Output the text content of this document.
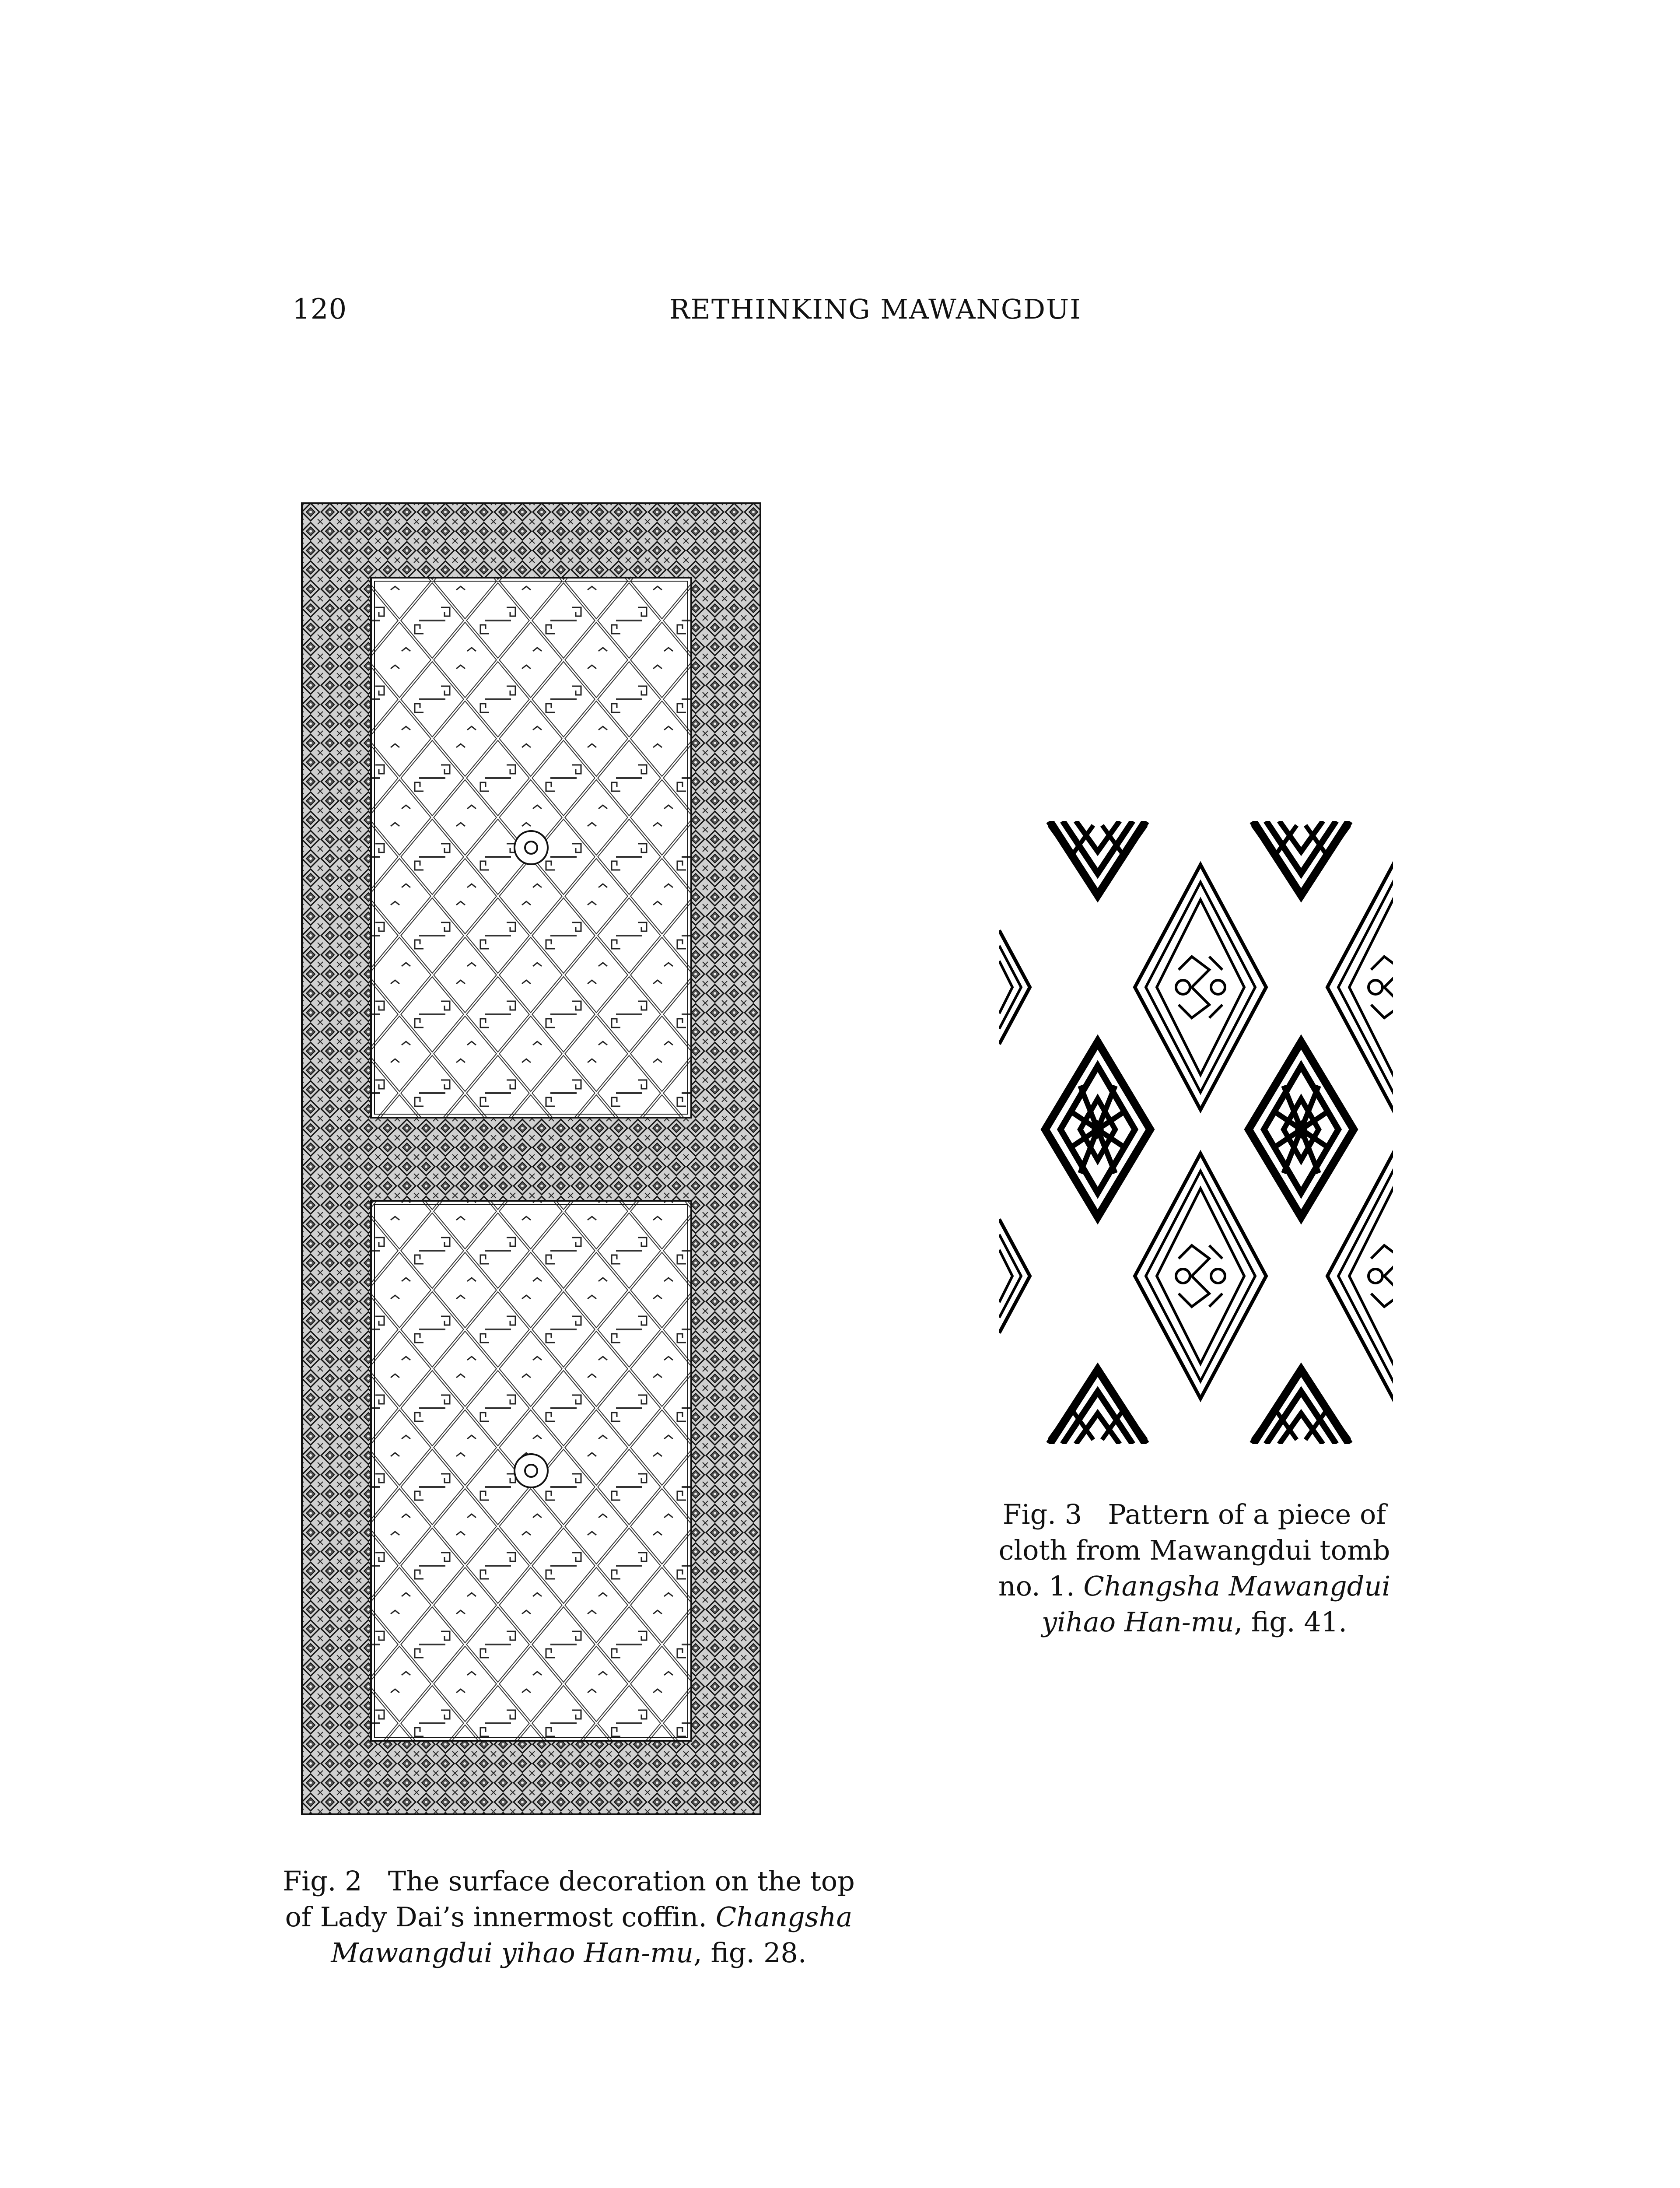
120	RETHINKING MAWANGDUI
Fig. 3 Pattern of a piece of
cloth from Mawangdui tomb
no. 1. Changsha Mawangdui
yihao Han-mu, fig. 41.
Fig. 2 The surface decoration on the top
of Lady Dai’s innermost coffin. Changsha
Mawangdui yihao Han-mu, fig. 28.
